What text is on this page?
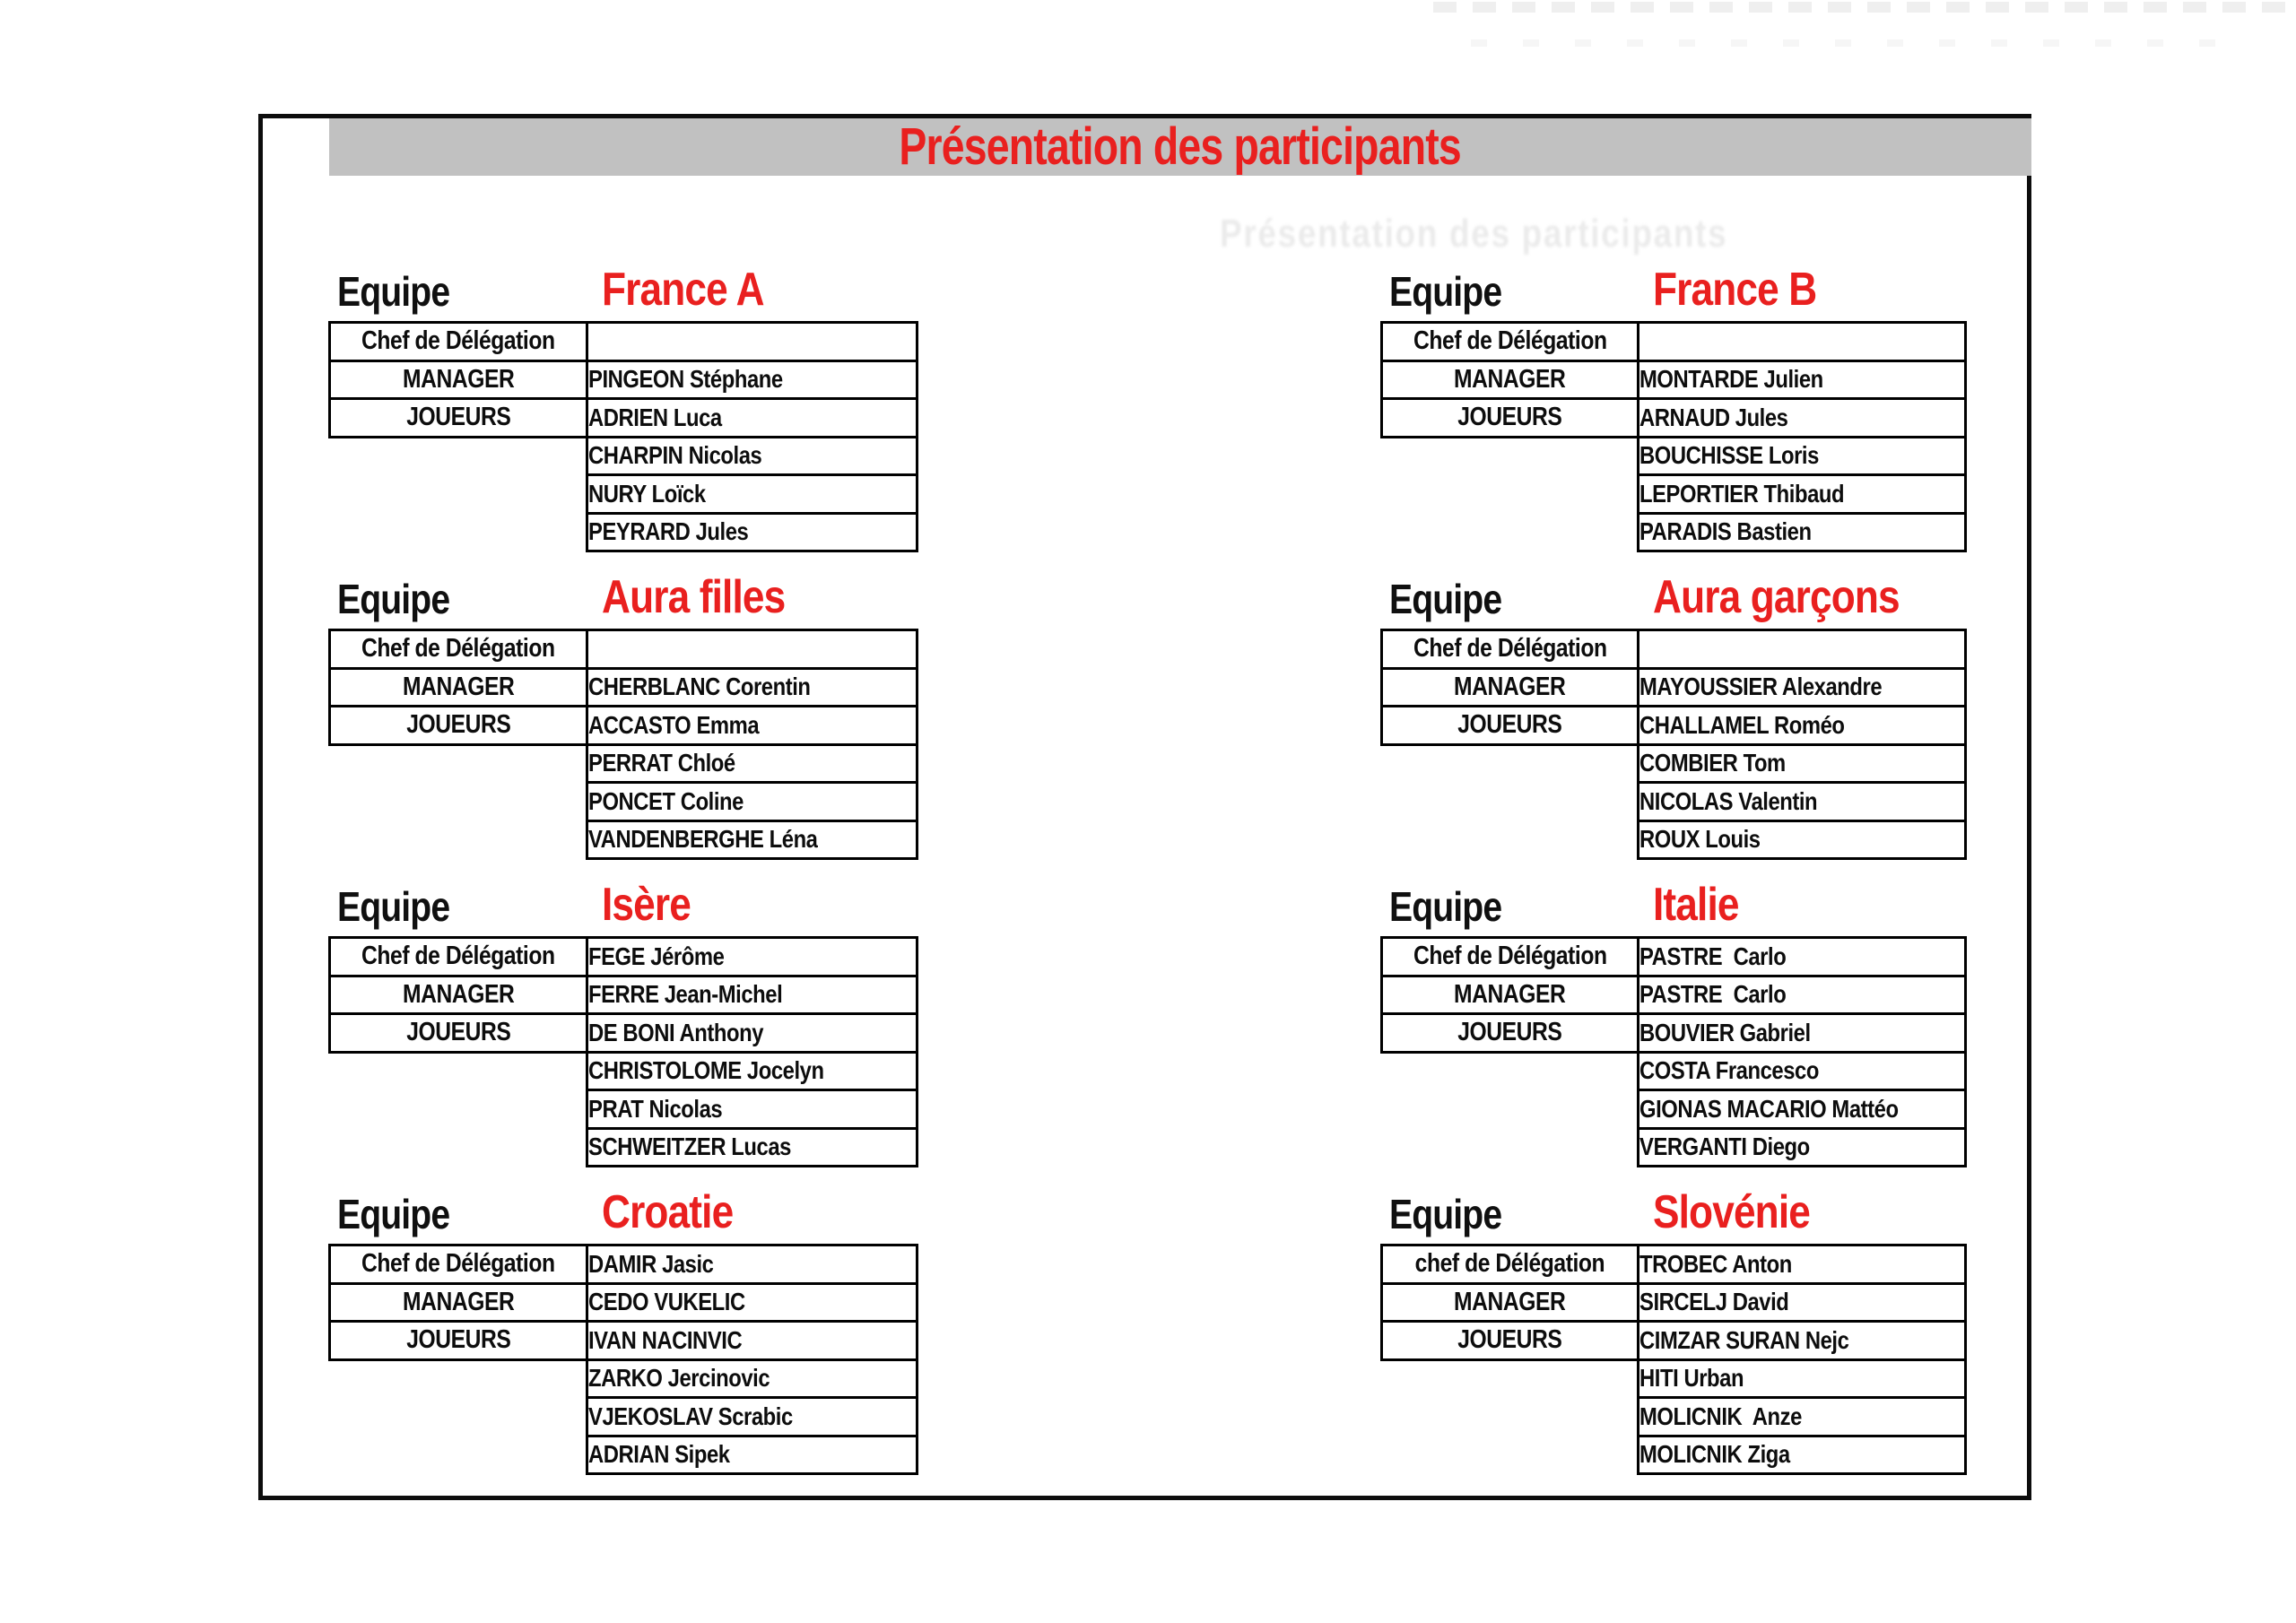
Présentation des participants
Présentation des participants
Equipe	France A
Chef de Délégation	
MANAGER	PINGEON Stéphane
JOUEURS	ADRIEN Luca
	CHARPIN Nicolas
	NURY Loïck
	PEYRARD Jules
Equipe	France B
Chef de Délégation	
MANAGER	MONTARDE Julien
JOUEURS	ARNAUD Jules
	BOUCHISSE Loris
	LEPORTIER Thibaud
	PARADIS Bastien
Equipe	Aura filles
Chef de Délégation	
MANAGER	CHERBLANC Corentin
JOUEURS	ACCASTO Emma
	PERRAT Chloé
	PONCET Coline
	VANDENBERGHE Léna
Equipe	Aura garçons
Chef de Délégation	
MANAGER	MAYOUSSIER Alexandre
JOUEURS	CHALLAMEL Roméo
	COMBIER Tom
	NICOLAS Valentin
	ROUX Louis
Equipe	Isère
Chef de Délégation	FEGE Jérôme
MANAGER	FERRE Jean-Michel
JOUEURS	DE BONI Anthony
	CHRISTOLOME Jocelyn
	PRAT Nicolas
	SCHWEITZER Lucas
Equipe	Italie
Chef de Délégation	PASTRE  Carlo
MANAGER	PASTRE  Carlo
JOUEURS	BOUVIER Gabriel
	COSTA Francesco
	GIONAS MACARIO Mattéo
	VERGANTI Diego
Equipe	Croatie
Chef de Délégation	DAMIR Jasic
MANAGER	CEDO VUKELIC
JOUEURS	IVAN NACINVIC
	ZARKO Jercinovic
	VJEKOSLAV Scrabic
	ADRIAN Sipek
Equipe	Slovénie
chef de Délégation	TROBEC Anton
MANAGER	SIRCELJ David
JOUEURS	CIMZAR SURAN Nejc
	HITI Urban
	MOLICNIK  Anze
	MOLICNIK Ziga
